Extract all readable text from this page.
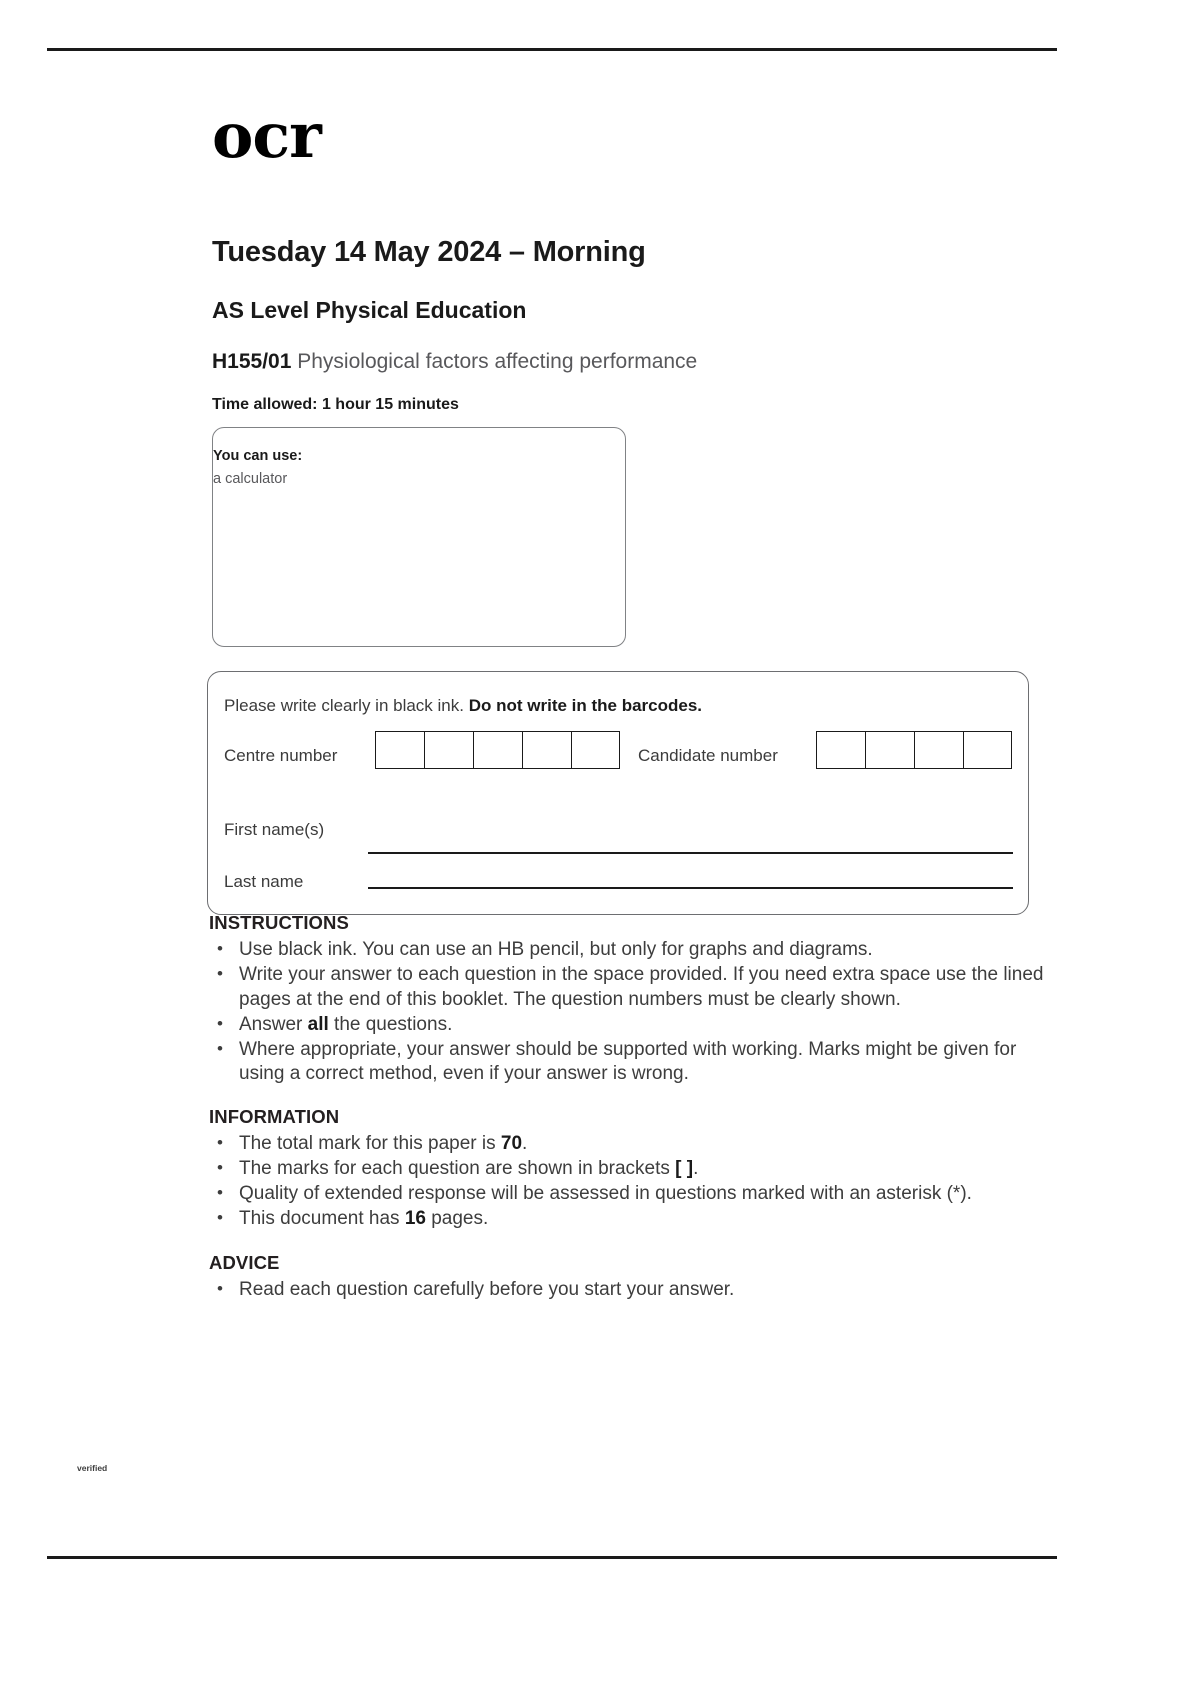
ocr
Tuesday 14 May 2024 – Morning
AS Level Physical Education
H155/01 Physiological factors affecting performance
Time allowed: 1 hour 15 minutes
You can use:
a calculator
Please write clearly in black ink. Do not write in the barcodes.
Centre number	Candidate number
First name(s)
Last name
INSTRUCTIONS
• Use black ink. You can use an HB pencil, but only for graphs and diagrams.
• Write your answer to each question in the space provided. If you need extra space use the lined pages at the end of this booklet. The question numbers must be clearly shown.
• Answer all the questions.
• Where appropriate, your answer should be supported with working. Marks might be given for using a correct method, even if your answer is wrong.
INFORMATION
• The total mark for this paper is 70.
• The marks for each question are shown in brackets [ ].
• Quality of extended response will be assessed in questions marked with an asterisk (*).
• This document has 16 pages.
ADVICE
• Read each question carefully before you start your answer.
verified
